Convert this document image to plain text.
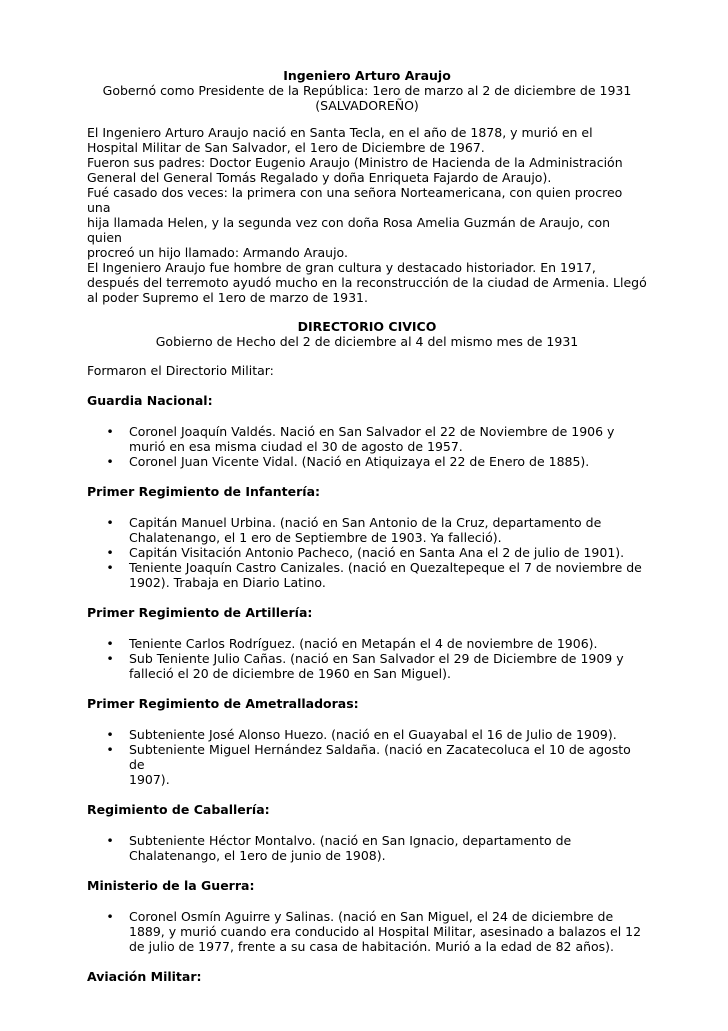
Ingeniero Arturo Araujo

Gobernó como Presidente de la República: 1ero de marzo al 2 de diciembre de 1931

(SALVADOREÑO)

El Ingeniero Arturo Araujo nació en Santa Tecla, en el año de 1878, y murió en el

Hospital Militar de San Salvador, el 1ero de Diciembre de 1967.

Fueron sus padres: Doctor Eugenio Araujo (Ministro de Hacienda de la Administración

General del General Tomás Regalado y doña Enriqueta Fajardo de Araujo).

Fué casado dos veces: la primera con una señora Norteamericana, con quien procreo una

hija llamada Helen, y la segunda vez con doña Rosa Amelia Guzmán de Araujo, con quien

procreó un hijo llamado: Armando Araujo.

El Ingeniero Araujo fue hombre de gran cultura y destacado historiador. En 1917,

después del terremoto ayudó mucho en la reconstrucción de la ciudad de Armenia. Llegó

al poder Supremo el 1ero de marzo de 1931.

DIRECTORIO CIVICO

Gobierno de Hecho del 2 de diciembre al 4 del mismo mes de 1931

Formaron el Directorio Militar:

Guardia Nacional:

• Coronel Joaquín Valdés. Nació en San Salvador el 22 de Noviembre de 1906 y
murió en esa misma ciudad el 30 de agosto de 1957.
• Coronel Juan Vicente Vidal. (Nació en Atiquizaya el 22 de Enero de 1885).

Primer Regimiento de Infantería:

• Capitán Manuel Urbina. (nació en San Antonio de la Cruz, departamento de
Chalatenango, el 1 ero de Septiembre de 1903. Ya falleció).
• Capitán Visitación Antonio Pacheco, (nació en Santa Ana el 2 de julio de 1901).
• Teniente Joaquín Castro Canizales. (nació en Quezaltepeque el 7 de noviembre de
1902). Trabaja en Diario Latino.

Primer Regimiento de Artillería:

• Teniente Carlos Rodríguez. (nació en Metapán el 4 de noviembre de 1906).
• Sub Teniente Julio Cañas. (nació en San Salvador el 29 de Diciembre de 1909 y
falleció el 20 de diciembre de 1960 en San Miguel).

Primer Regimiento de Ametralladoras:

• Subteniente José Alonso Huezo. (nació en el Guayabal el 16 de Julio de 1909).
• Subteniente Miguel Hernández Saldaña. (nació en Zacatecoluca el 10 de agosto de
1907).

Regimiento de Caballería:

• Subteniente Héctor Montalvo. (nació en San Ignacio, departamento de
Chalatenango, el 1ero de junio de 1908).

Ministerio de la Guerra:

• Coronel Osmín Aguirre y Salinas. (nació en San Miguel, el 24 de diciembre de
1889, y murió cuando era conducido al Hospital Militar, asesinado a balazos el 12
de julio de 1977, frente a su casa de habitación. Murió a la edad de 82 años).

Aviación Militar:
